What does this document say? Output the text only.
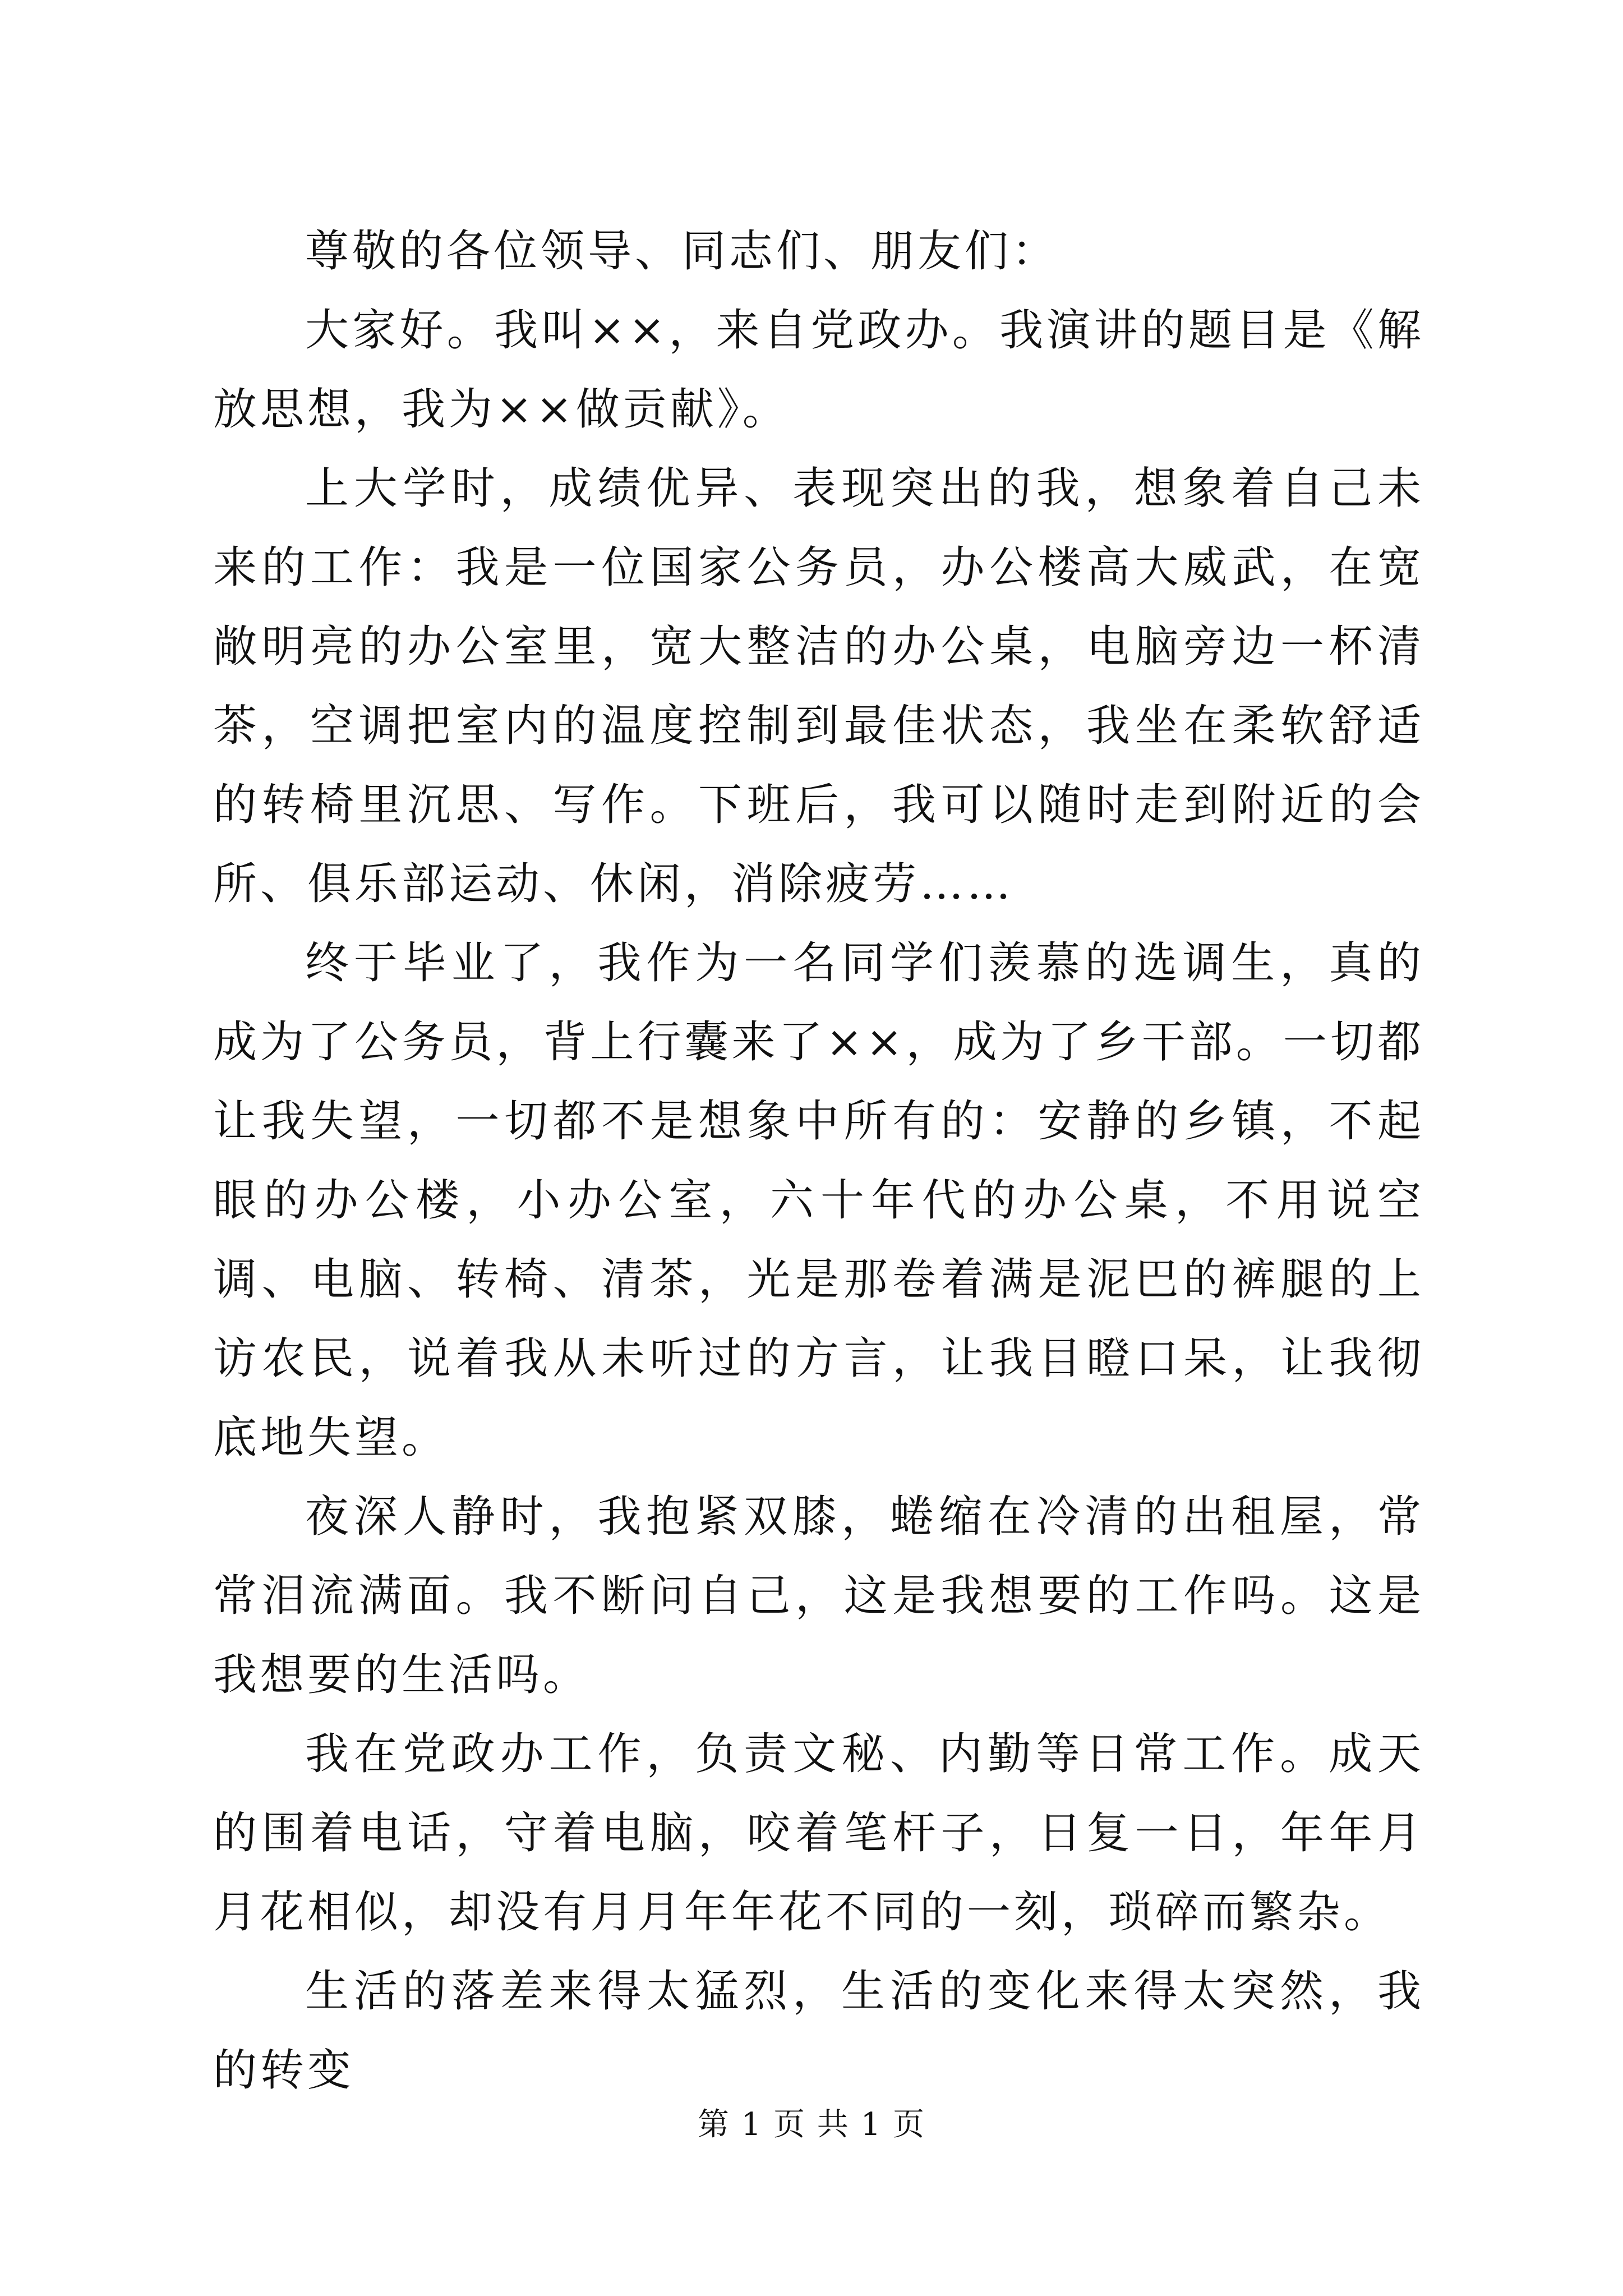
尊敬的各位领导、同志们、朋友们：

大家好。我叫××，来自党政办。我演讲的题目是《解放思想，我为××做贡献》。

上大学时，成绩优异、表现突出的我，想象着自己未来的工作：我是一位国家公务员，办公楼高大威武，在宽敞明亮的办公室里，宽大整洁的办公桌，电脑旁边一杯清茶，空调把室内的温度控制到最佳状态，我坐在柔软舒适的转椅里沉思、写作。下班后，我可以随时走到附近的会所、俱乐部运动、休闲，消除疲劳……

终于毕业了，我作为一名同学们羡慕的选调生，真的成为了公务员，背上行囊来了××，成为了乡干部。一切都让我失望，一切都不是想象中所有的：安静的乡镇，不起眼的办公楼，小办公室，六十年代的办公桌，不用说空调、电脑、转椅、清茶，光是那卷着满是泥巴的裤腿的上访农民，说着我从未听过的方言，让我目瞪口呆，让我彻底地失望。

夜深人静时，我抱紧双膝，蜷缩在冷清的出租屋，常常泪流满面。我不断问自己，这是我想要的工作吗。这是我想要的生活吗。

我在党政办工作，负责文秘、内勤等日常工作。成天的围着电话，守着电脑，咬着笔杆子，日复一日，年年月月花相似，却没有月月年年花不同的一刻，琐碎而繁杂。

生活的落差来得太猛烈，生活的变化来得太突然，我的转变

第 1 页 共 1 页
